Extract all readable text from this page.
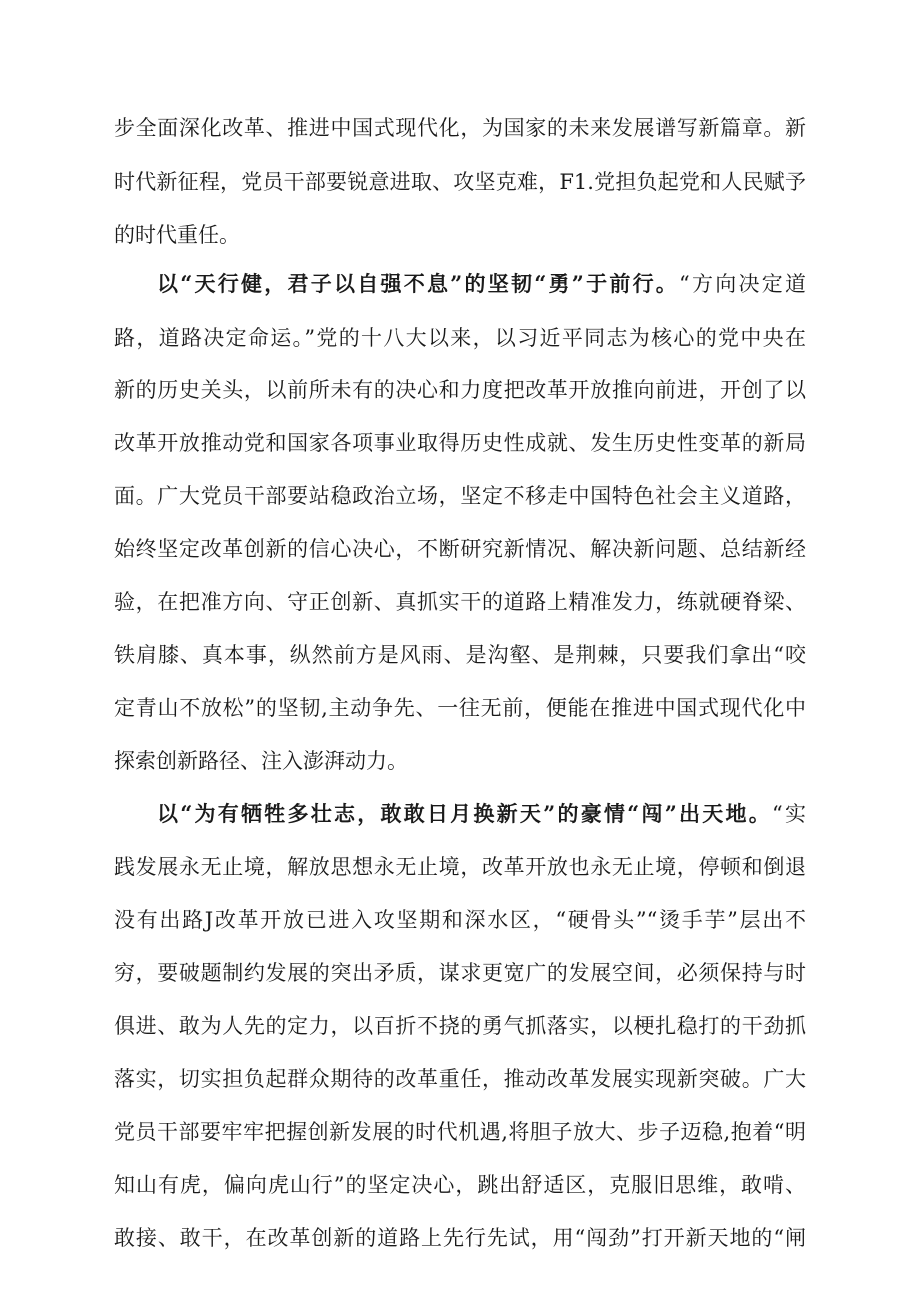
步全面深化改革、推进中国式现代化，为国家的未来发展谱写新篇章。新
时代新征程，党员干部要锐意进取、攻坚克难，F1.党担负起党和人民赋予
的时代重任。
以“天行健，君子以自强不息”的坚韧“勇”于前行。“方向决定道
路，道路决定命运。”党的十八大以来，以习近平同志为核心的党中央在
新的历史关头，以前所未有的决心和力度把改革开放推向前进，开创了以
改革开放推动党和国家各项事业取得历史性成就、发生历史性变革的新局
面。广大党员干部要站稳政治立场，坚定不移走中国特色社会主义道路，
始终坚定改革创新的信心决心，不断研究新情况、解决新问题、总结新经
验，在把准方向、守正创新、真抓实干的道路上精准发力，练就硬脊梁、
铁肩膝、真本事，纵然前方是风雨、是沟壑、是荆棘，只要我们拿出“咬
定青山不放松”的坚韧,主动争先、一往无前，便能在推进中国式现代化中
探索创新路径、注入澎湃动力。
以“为有牺牲多壮志，敢敢日月换新天”的豪情“闯”出天地。“实
践发展永无止境，解放思想永无止境，改革开放也永无止境，停顿和倒退
没有出路J改革开放已进入攻坚期和深水区，“硬骨头”“烫手芋”层出不
穷，要破题制约发展的突出矛质，谋求更宽广的发展空间，必须保持与时
俱进、敢为人先的定力，以百折不挠的勇气抓落实，以梗扎稳打的干劲抓
落实，切实担负起群众期待的改革重任，推动改革发展实现新突破。广大
党员干部要牢牢把握创新发展的时代机遇,将胆子放大、步子迈稳,抱着“明
知山有虎，偏向虎山行”的坚定决心，跳出舒适区，克服旧思维，敢啃、
敢接、敢干，在改革创新的道路上先行先试，用“闯劲”打开新天地的“闸
